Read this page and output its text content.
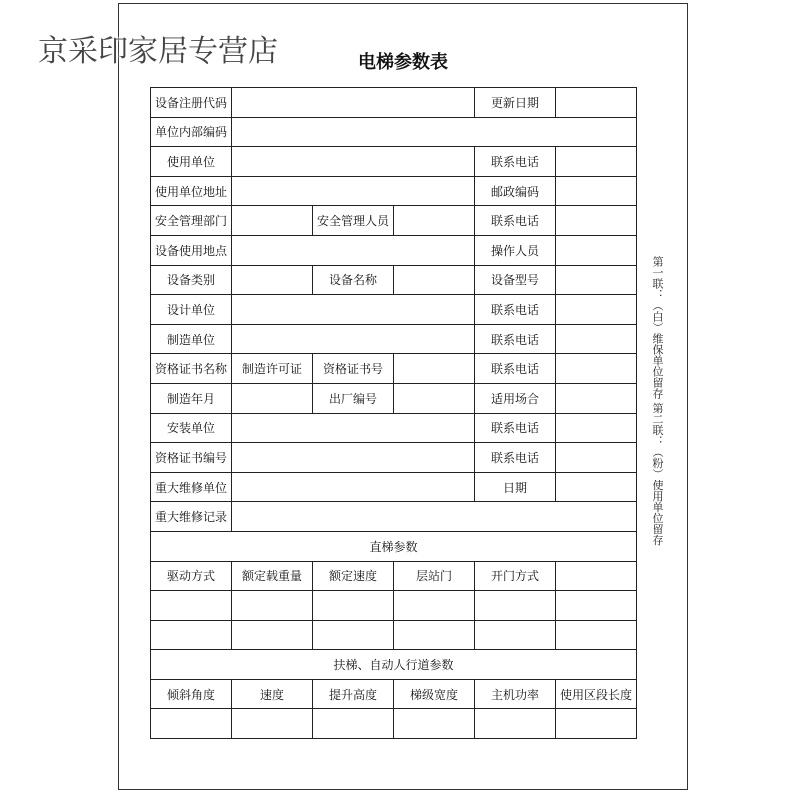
京采印家居专营店	电梯参数表
设备注册代码				更新日期	
单位内部编码					
使用单位				联系电话	
使用单位地址				邮政编码	
安全管理部门		安全管理人员		联系电话	
设备使用地点				操作人员	
设备类别		设备名称		设备型号	
设计单位				联系电话	
制造单位				联系电话	
资格证书名称	制造许可证	资格证书号		联系电话	
制造年月		出厂编号		适用场合	
安装单位				联系电话	
资格证书编号				联系电话	
重大维修单位				日期	
重大维修记录					
直梯参数					
驱动方式	额定载重量	额定速度	层站门	开门方式	

扶梯、自动人行道参数					
倾斜角度	速度	提升高度	梯级宽度	主机功率	使用区段长度

第一联：（白）维保单位留存 第二联：（粉）使用单位留存
